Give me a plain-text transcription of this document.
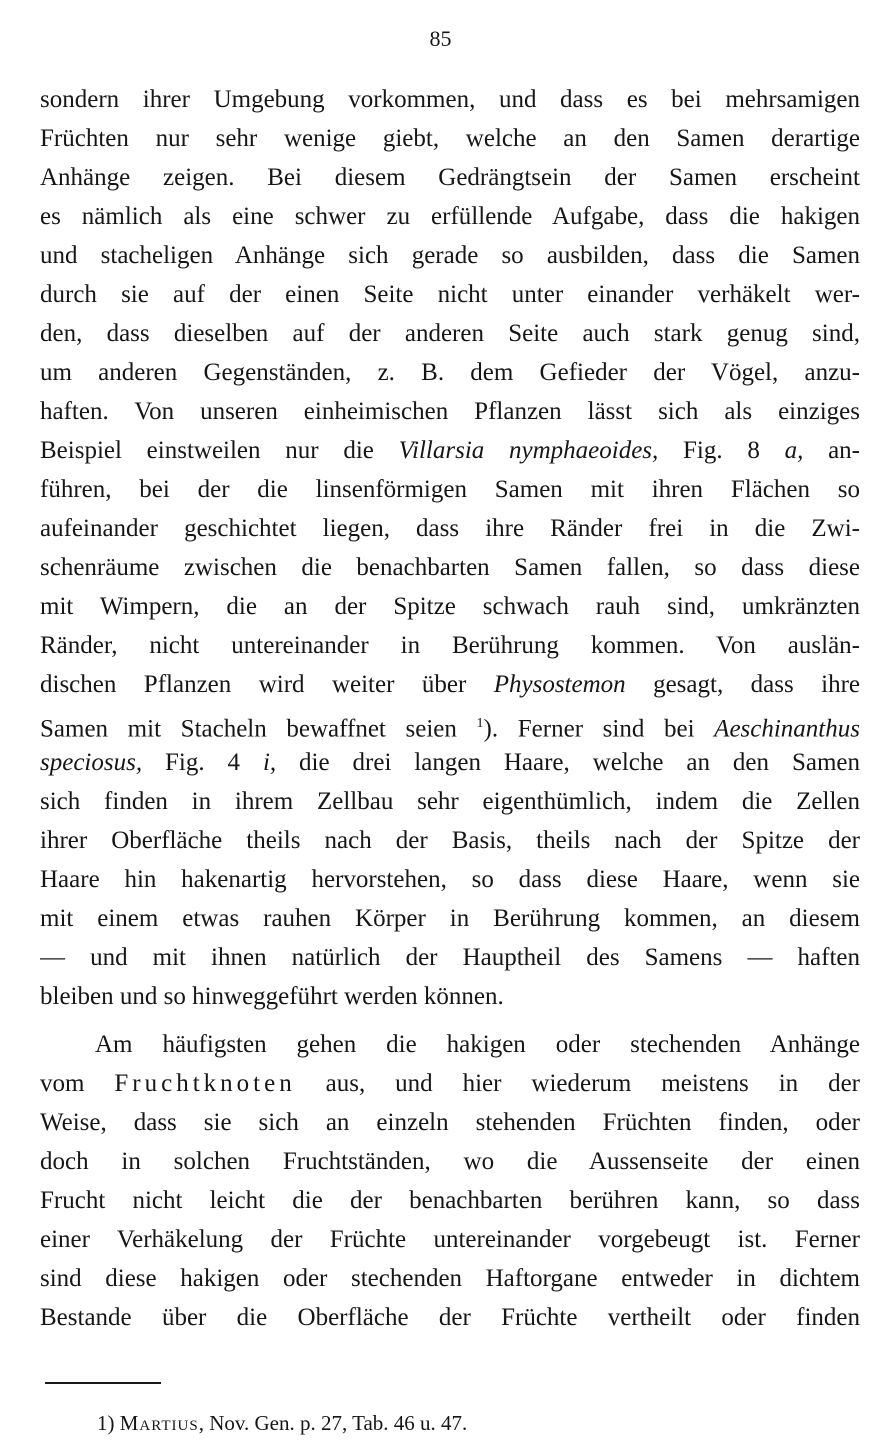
85
sondern ihrer Umgebung vorkommen, und dass es bei mehrsamigen
Früchten nur sehr wenige giebt, welche an den Samen derartige
Anhänge zeigen. Bei diesem Gedrängtsein der Samen erscheint
es nämlich als eine schwer zu erfüllende Aufgabe, dass die hakigen
und stacheligen Anhänge sich gerade so ausbilden, dass die Samen
durch sie auf der einen Seite nicht unter einander verhäkelt wer-
den, dass dieselben auf der anderen Seite auch stark genug sind,
um anderen Gegenständen, z. B. dem Gefieder der Vögel, anzu-
haften. Von unseren einheimischen Pflanzen lässt sich als einziges
Beispiel einstweilen nur die Villarsia nymphaeoides, Fig. 8 a, an-
führen, bei der die linsenförmigen Samen mit ihren Flächen so
aufeinander geschichtet liegen, dass ihre Ränder frei in die Zwi-
schenräume zwischen die benachbarten Samen fallen, so dass diese
mit Wimpern, die an der Spitze schwach rauh sind, umkränzten
Ränder, nicht untereinander in Berührung kommen. Von auslän-
dischen Pflanzen wird weiter über Physostemon gesagt, dass ihre
Samen mit Stacheln bewaffnet seien $^1$). Ferner sind bei Aeschinanthus
speciosus, Fig. 4 i, die drei langen Haare, welche an den Samen
sich finden in ihrem Zellbau sehr eigenthümlich, indem die Zellen
ihrer Oberfläche theils nach der Basis, theils nach der Spitze der
Haare hin hakenartig hervorstehen, so dass diese Haare, wenn sie
mit einem etwas rauhen Körper in Berührung kommen, an diesem
— und mit ihnen natürlich der Hauptheil des Samens — haften
bleiben und so hinweggeführt werden können.
Am häufigsten gehen die hakigen oder stechenden Anhänge
vom Fruchtknoten aus, und hier wiederum meistens in der
Weise, dass sie sich an einzeln stehenden Früchten finden, oder
doch in solchen Fruchtständen, wo die Aussenseite der einen
Frucht nicht leicht die der benachbarten berühren kann, so dass
einer Verhäkelung der Früchte untereinander vorgebeugt ist. Ferner
sind diese hakigen oder stechenden Haftorgane entweder in dichtem
Bestande über die Oberfläche der Früchte vertheilt oder finden
1) Martius, Nov. Gen. p. 27, Tab. 46 u. 47.
